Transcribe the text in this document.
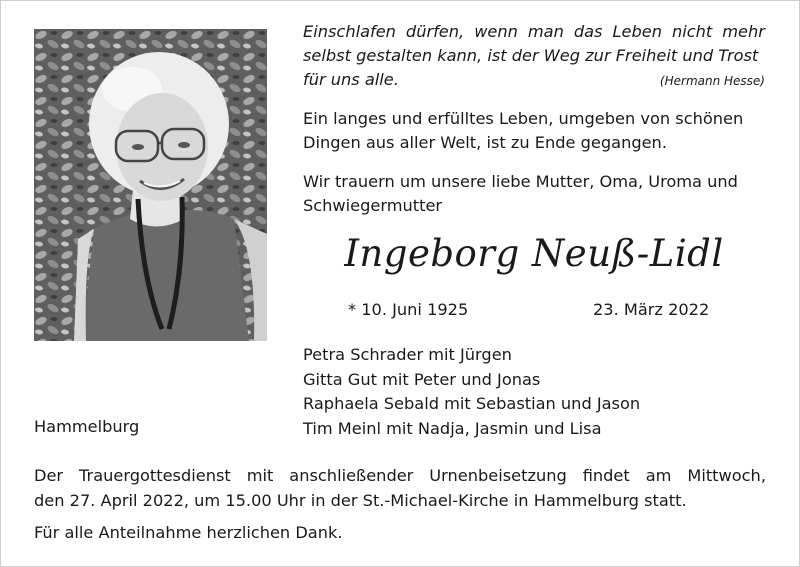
Einschlafen dürfen, wenn man das Leben nicht mehr
selbst gestalten kann, ist der Weg zur Freiheit und Trost
für uns alle.	(Hermann Hesse)
Ein langes und erfülltes Leben, umgeben von schönen
Dingen aus aller Welt, ist zu Ende gegangen.
Wir trauern um unsere liebe Mutter, Oma, Uroma und
Schwiegermutter
Ingeborg Neuß-Lidl
* 10. Juni 1925	23. März 2022
Petra Schrader mit Jürgen
Gitta Gut mit Peter und Jonas
Raphaela Sebald mit Sebastian und Jason
Tim Meinl mit Nadja, Jasmin und Lisa
Hammelburg
Der Trauergottesdienst mit anschließender Urnenbeisetzung findet am Mittwoch,
den 27. April 2022, um 15.00 Uhr in der St.-Michael-Kirche in Hammelburg statt.
Für alle Anteilnahme herzlichen Dank.
